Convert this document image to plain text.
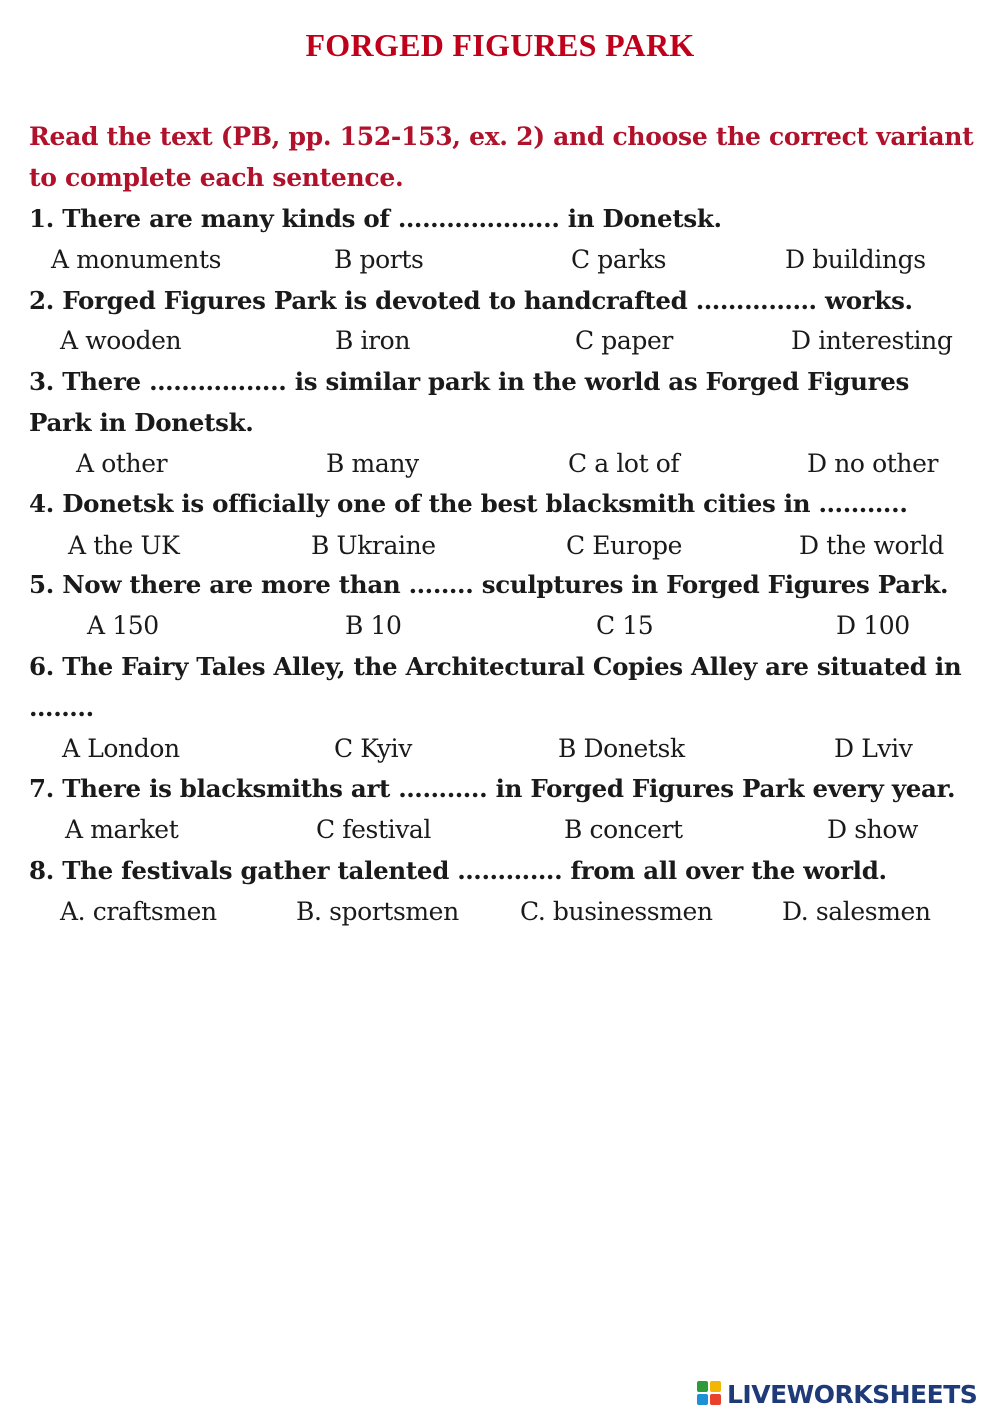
FORGED FIGURES PARK
Read the text (PB, pp. 152-153, ex. 2) and choose the correct variant to complete each sentence.
1. There are many kinds of ……………….. in Donetsk.
A monuments	B ports	C parks	D buildings
2. Forged Figures Park is devoted to handcrafted …………… works.
A wooden	B iron	C paper	D interesting
3. There …………….. is similar park in the world as Forged Figures Park in Donetsk.
A other	B many	C a lot of	D no other
4. Donetsk is officially one of the best blacksmith cities in ………..
A the UK	B Ukraine	C Europe	D the world
5. Now there are more than …….. sculptures in Forged Figures Park.
A 150	B 10	C 15	D 100
6. The Fairy Tales Alley, the Architectural Copies Alley are situated in ……..
A London	C Kyiv	B Donetsk	D Lviv
7. There is blacksmiths art ……….. in Forged Figures Park every year.
A market	C festival	B concert	D show
8. The festivals gather talented …………. from all over the world.
A. craftsmen	B. sportsmen C. businessmen	D. salesmen
LIVEWORKSHEETS
